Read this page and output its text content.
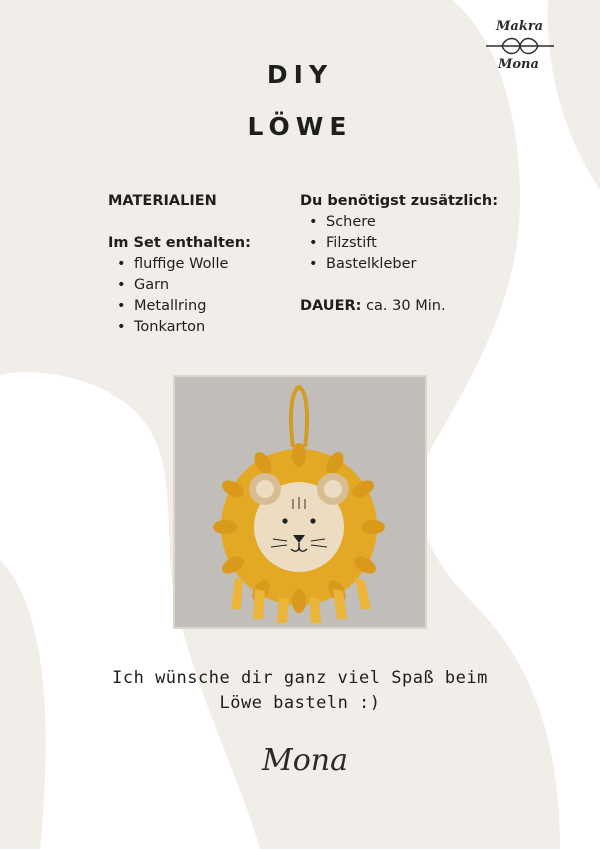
Makra
Mona
DIY
LÖWE

MATERIALIEN

Im Set enthalten:

• fluffige Wolle
• Garn
• Metallring
• Tonkarton

Du benötigst zusätzlich:

• Schere
• Filzstift
• Bastelkleber

DAUER: ca. 30 Min.

Ich wünsche dir ganz viel Spaß beim
Löwe basteln :)
Mona
